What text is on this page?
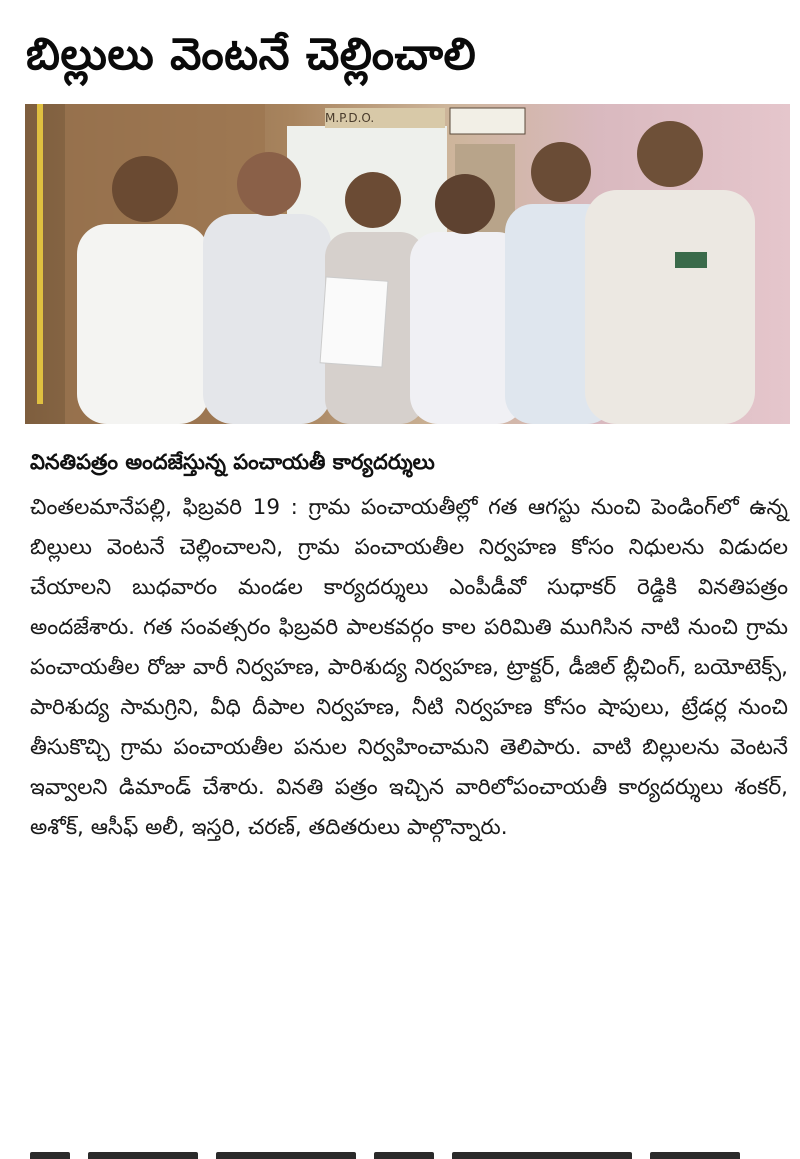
బిల్లులు వెంటనే చెల్లించాలి
M.P.D.O.

వినతిపత్రం అందజేస్తున్న పంచాయతీ కార్యదర్శులు

చింతలమానేపల్లి, ఫిబ్రవరి 19 : గ్రామ పంచాయతీల్లో గత ఆగస్టు నుంచి పెండింగ్‌లో ఉన్న బిల్లులు వెంటనే చెల్లించాలని, గ్రామ పంచాయతీల నిర్వహణ కోసం నిధులను విడుదల చేయాలని బుధవారం మండల కార్యదర్శులు ఎంపీడీవో సుధాకర్ రెడ్డికి వినతిపత్రం అందజేశారు. గత సంవత్సరం ఫిబ్రవరి పాలకవర్గం కాల పరిమితి ముగిసిన నాటి నుంచి గ్రామ పంచాయతీల రోజు వారీ నిర్వహణ, పారిశుద్య నిర్వహణ, ట్రాక్టర్, డీజిల్ బ్లీచింగ్, బయోటెక్స్, పారిశుద్య సామగ్రిని, వీధి దీపాల నిర్వహణ, నీటి నిర్వహణ కోసం షాపులు, ట్రేడర్ల నుంచి తీసుకొచ్చి గ్రామ పంచాయతీల పనుల నిర్వహించామని తెలిపారు. వాటి బిల్లులను వెంటనే ఇవ్వాలని డిమాండ్ చేశారు. వినతి పత్రం ఇచ్చిన వారిలోపంచాయతీ కార్యదర్శులు శంకర్, అశోక్, ఆసీఫ్ అలీ, ఇస్తరి, చరణ్, తదితరులు పాల్గొన్నారు.
